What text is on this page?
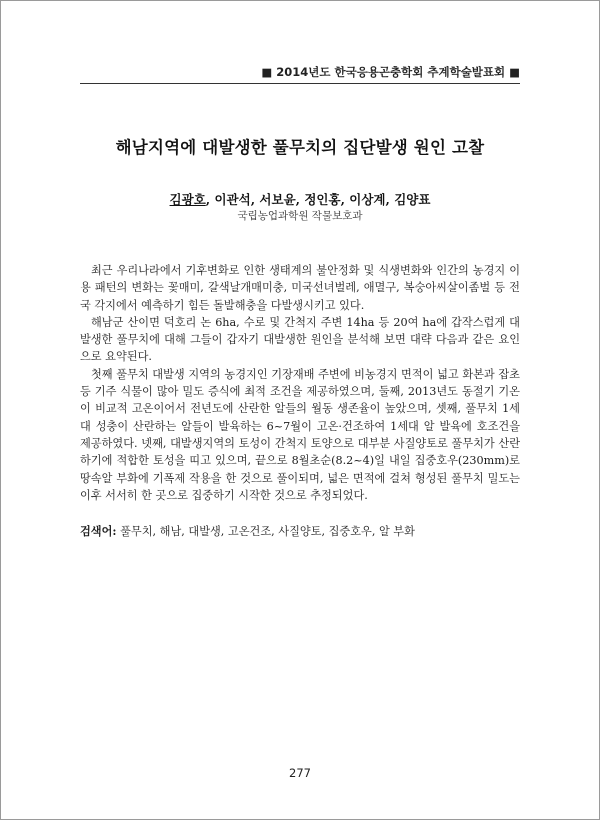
■ 2014년도 한국응용곤충학회 추계학술발표회 ■
해남지역에 대발생한 풀무치의 집단발생 원인 고찰
김광호, 이관석, 서보윤, 정인홍, 이상계, 김양표
국립농업과학원 작물보호과

최근 우리나라에서 기후변화로 인한 생태계의 불안정화 및 식생변화와 인간의 농경지 이용 패턴의 변화는 꽃매미, 갈색날개매미충, 미국선녀벌레, 애멸구, 복숭아씨살이좀벌 등 전국 각지에서 예측하기 힘든 돌발해충을 다발생시키고 있다.

해남군 산이면 덕호리 논 6ha, 수로 및 간척지 주변 14ha 등 20여 ha에 갑작스럽게 대발생한 풀무치에 대해 그들이 갑자기 대발생한 원인을 분석해 보면 대략 다음과 같은 요인으로 요약된다.

첫째 풀무치 대발생 지역의 농경지인 기장재배 주변에 비농경지 면적이 넓고 화본과 잡초 등 기주 식물이 많아 밀도 증식에 최적 조건을 제공하였으며, 둘째, 2013년도 동절기 기온이 비교적 고온이어서 전년도에 산란한 알들의 월동 생존율이 높았으며, 셋째, 풀무치 1세대 성충이 산란하는 알들이 발육하는 6~7월이 고온·건조하여 1세대 알 발육에 호조건을 제공하였다. 넷째, 대발생지역의 토성이 간척지 토양으로 대부분 사질양토로 풀무치가 산란하기에 적합한 토성을 띠고 있으며, 끝으로 8월초순(8.2~4)일 내일 집중호우(230mm)로 땅속알 부화에 기폭제 작용을 한 것으로 풀이되며, 넓은 면적에 걸쳐 형성된 풀무치 밀도는 이후 서서히 한 곳으로 집중하기 시작한 것으로 추정되었다.

검색어: 풀무치, 해남, 대발생, 고온건조, 사질양토, 집중호우, 알 부화
277
